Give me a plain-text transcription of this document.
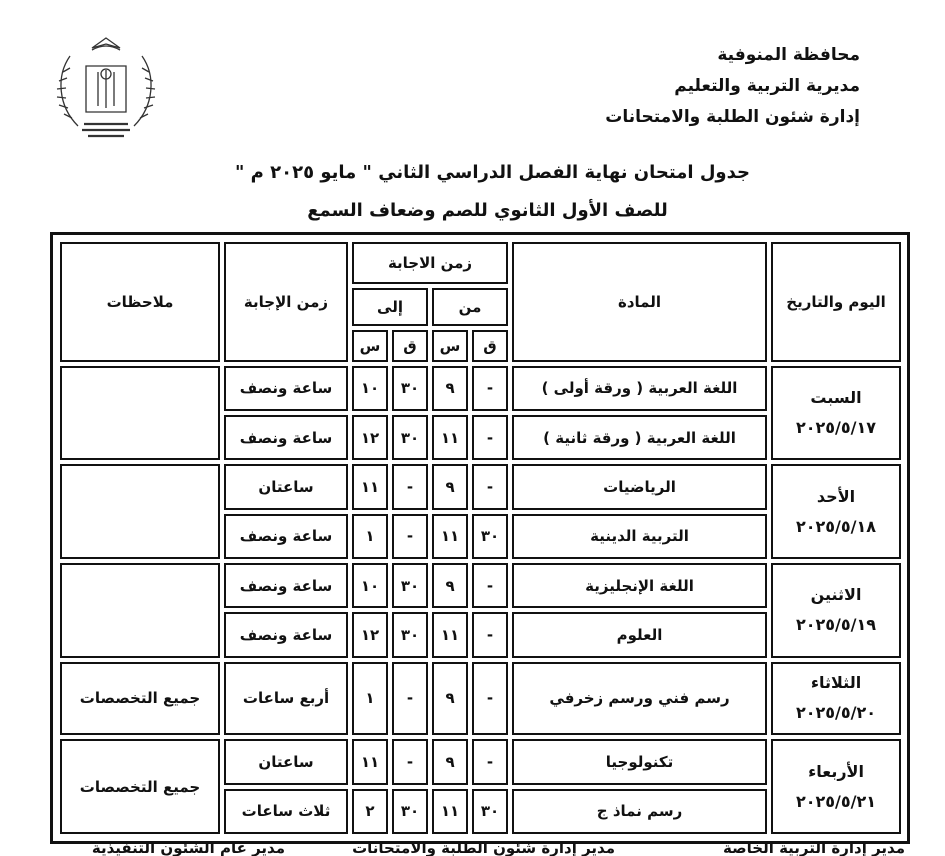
محافظة المنوفية
مديرية التربية والتعليم
إدارة شئون الطلبة والامتحانات
جدول امتحان نهاية الفصل الدراسي الثاني " مايو ٢٠٢٥ م "
للصف الأول الثانوي للصم وضعاف السمع
اليوم والتاريخ	المادة	زمن الاجابة				زمن الإجابة	ملاحظات
		من		إلى			
		ق	س	ق	س		

السبت
٢٠٢٥/٥/١٧	اللغة العربية ( ورقة أولى )	-	٩	٣٠	١٠	ساعة ونصف	
	اللغة العربية ( ورقة ثانية )	-	١١	٣٠	١٢	ساعة ونصف	

الأحد
٢٠٢٥/٥/١٨	الرياضيات	-	٩	-	١١	ساعتان	
	التربية الدينية	٣٠	١١	-	١	ساعة ونصف	

الاثنين
٢٠٢٥/٥/١٩	اللغة الإنجليزية	-	٩	٣٠	١٠	ساعة ونصف	
	العلوم	-	١١	٣٠	١٢	ساعة ونصف	

الثلاثاء
٢٠٢٥/٥/٢٠	رسم فني ورسم زخرفي	-	٩	-	١	أربع ساعات	جميع التخصصات

الأربعاء
٢٠٢٥/٥/٢١	تكنولوجيا	-	٩	-	١١	ساعتان	جميع التخصصات
	رسم نماذ ج	٣٠	١١	٣٠	٢	ثلاث ساعات	
مدير عام الشئون التنفيذية	مدير إدارة شئون الطلبة والامتحانات	مدير إدارة التربية الخاصة
